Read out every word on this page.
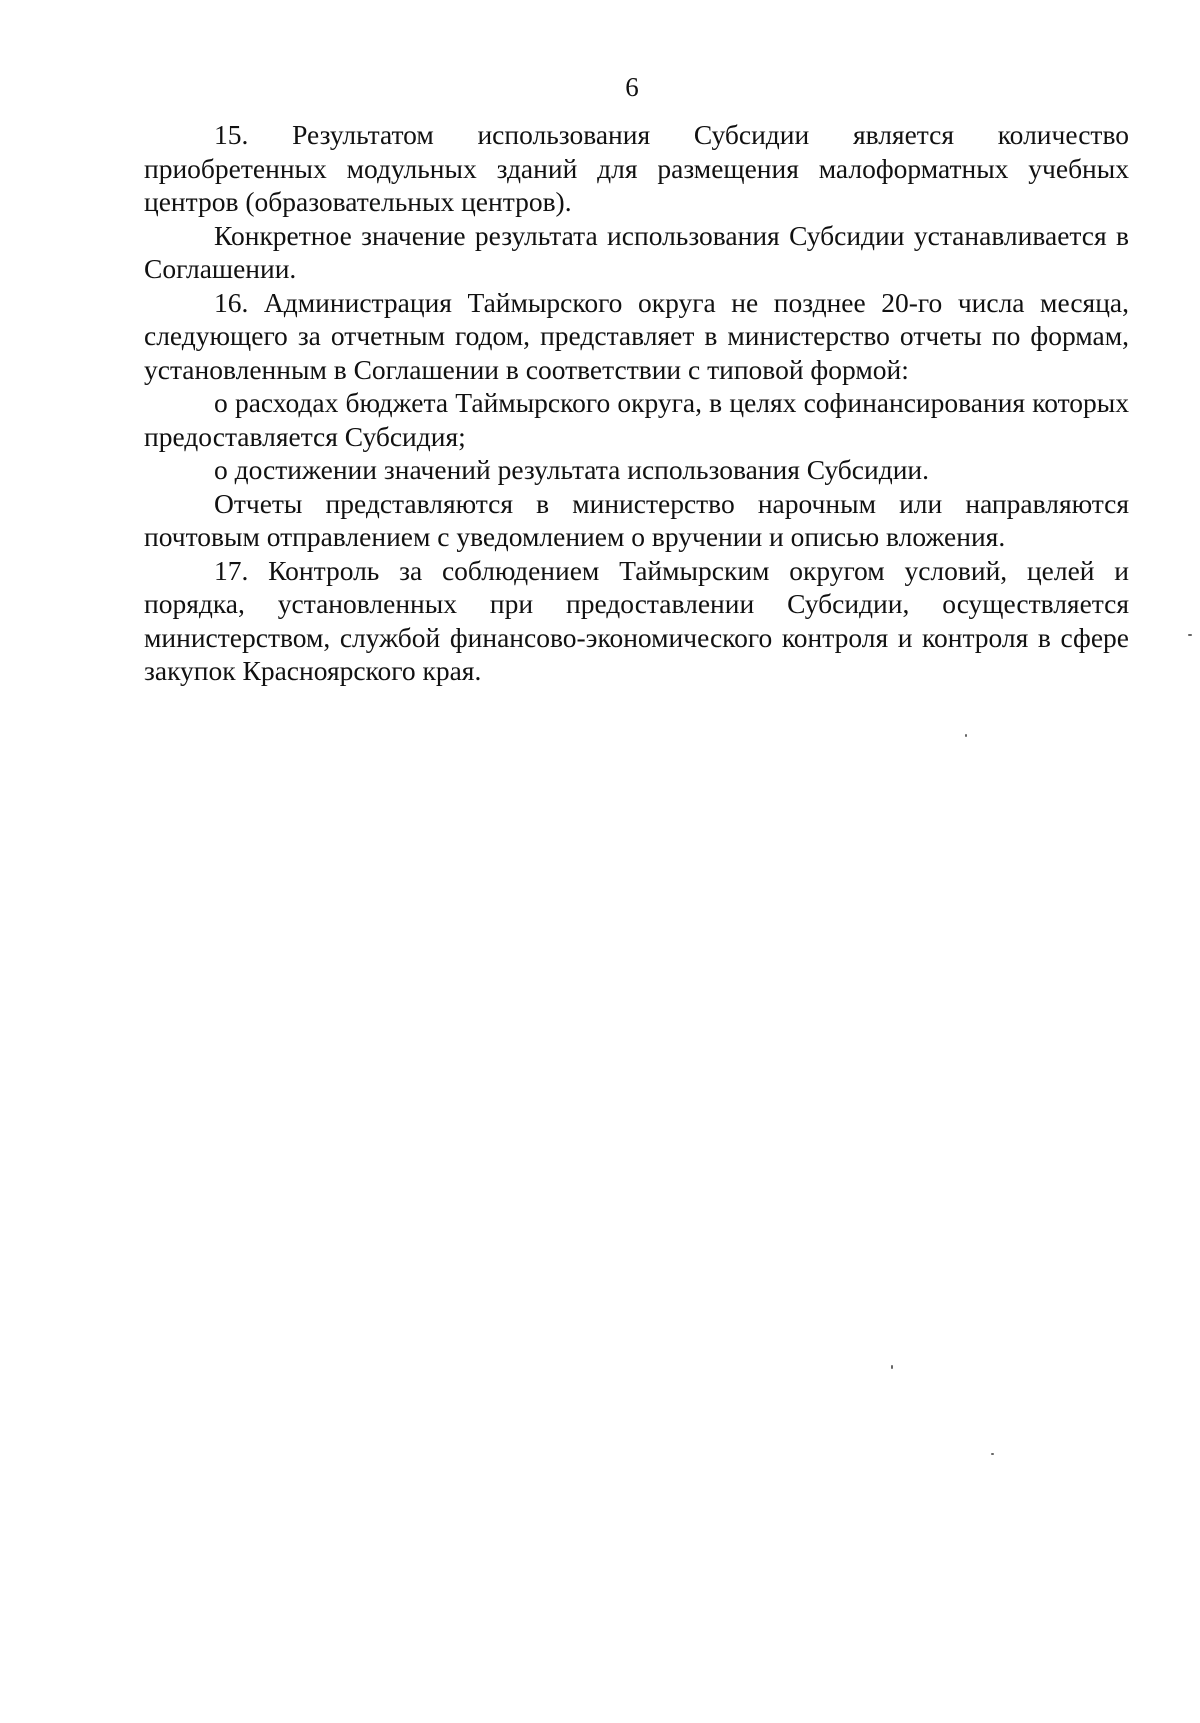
6

15. Результатом использования Субсидии является количество приобретенных модульных зданий для размещения малоформатных учебных центров (образовательных центров).

Конкретное значение результата использования Субсидии устанавливается в Соглашении.

16. Администрация Таймырского округа не позднее 20-го числа месяца, следующего за отчетным годом, представляет в министерство отчеты по формам, установленным в Соглашении в соответствии с типовой формой:

о расходах бюджета Таймырского округа, в целях софинансирования которых предоставляется Субсидия;

о достижении значений результата использования Субсидии.

Отчеты представляются в министерство нарочным или направляются почтовым отправлением с уведомлением о вручении и описью вложения.

17. Контроль за соблюдением Таймырским округом условий, целей и порядка, установленных при предоставлении Субсидии, осуществляется министерством, службой финансово-экономического контроля и контроля в сфере закупок Красноярского края.
